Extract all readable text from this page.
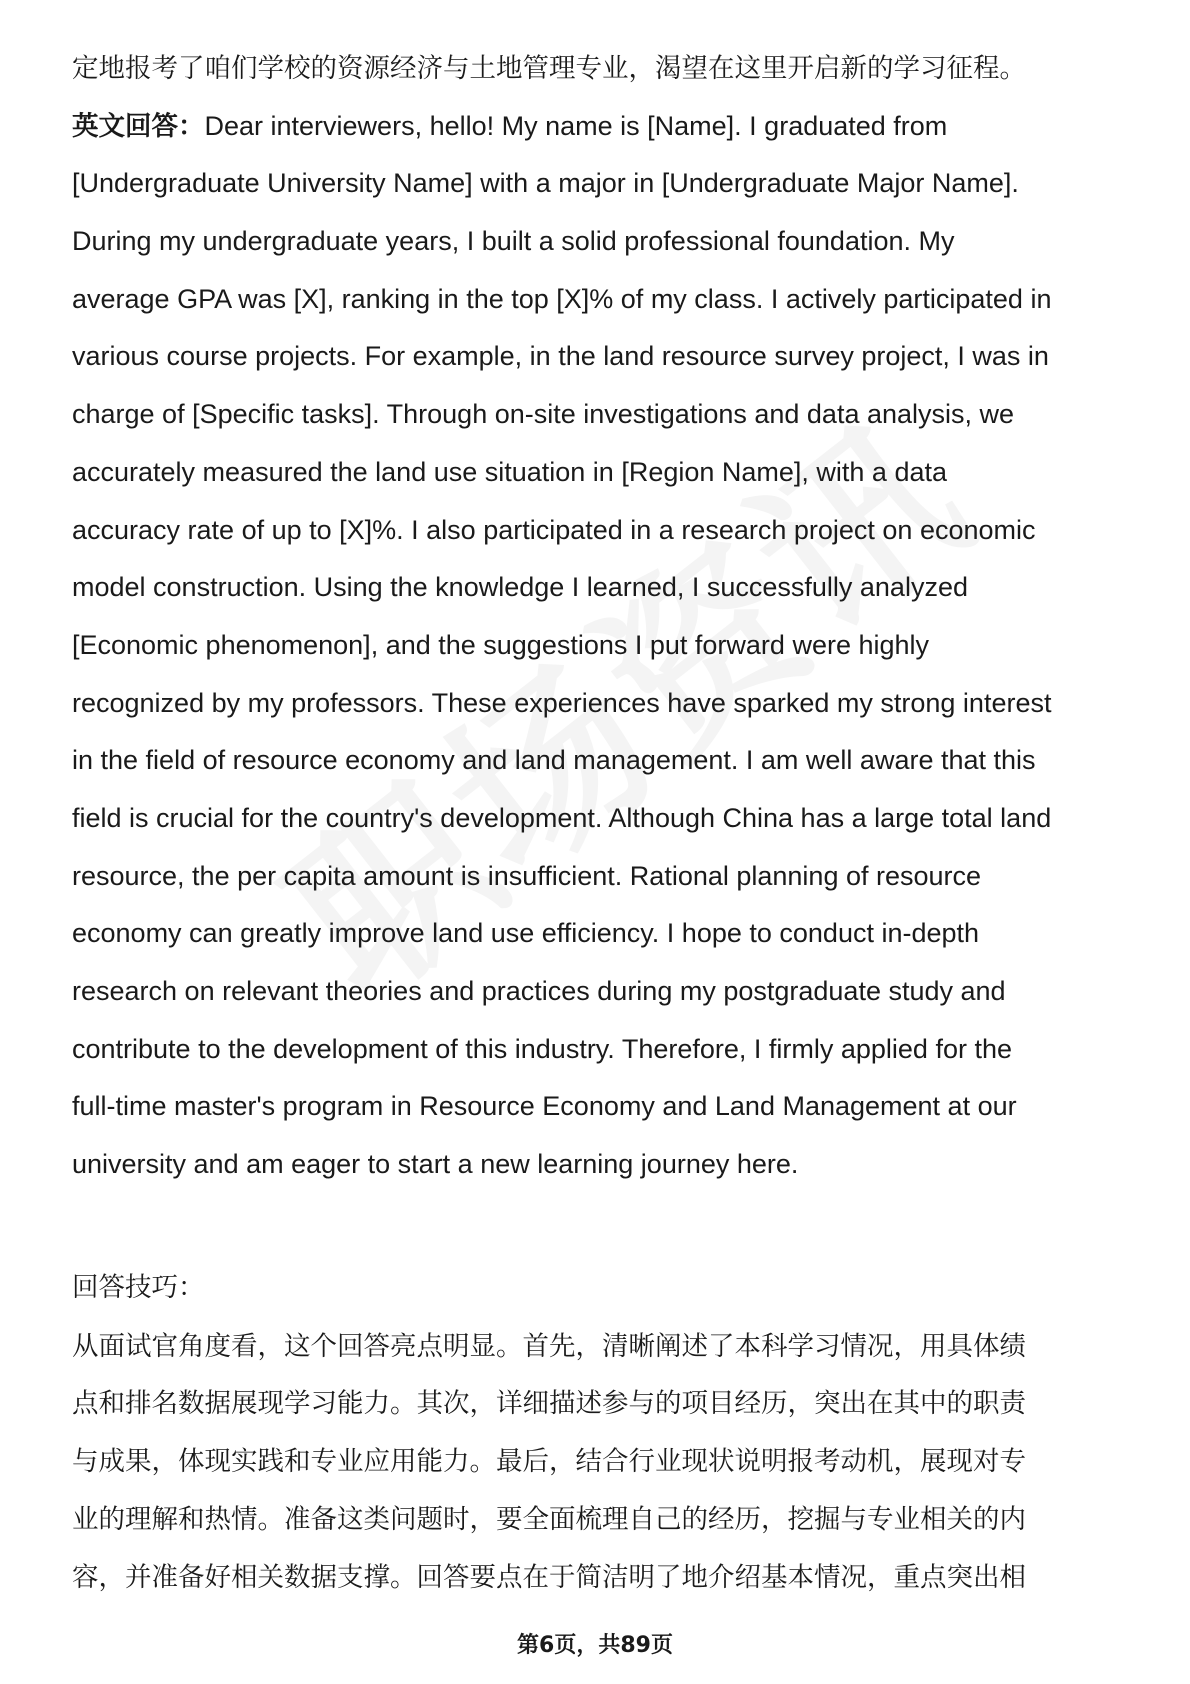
定地报考了咱们学校的资源经济与土地管理专业，渴望在这里开启新的学习征程。
英文回答：Dear interviewers, hello! My name is [Name]. I graduated from
[Undergraduate University Name] with a major in [Undergraduate Major Name].
During my undergraduate years, I built a solid professional foundation. My
average GPA was [X], ranking in the top [X]% of my class. I actively participated in
various course projects. For example, in the land resource survey project, I was in
charge of [Specific tasks]. Through on-site investigations and data analysis, we
accurately measured the land use situation in [Region Name], with a data
accuracy rate of up to [X]%. I also participated in a research project on economic
model construction. Using the knowledge I learned, I successfully analyzed
[Economic phenomenon], and the suggestions I put forward were highly
recognized by my professors. These experiences have sparked my strong interest
in the field of resource economy and land management. I am well aware that this
field is crucial for the country's development. Although China has a large total land
resource, the per capita amount is insufficient. Rational planning of resource
economy can greatly improve land use efficiency. I hope to conduct in-depth
research on relevant theories and practices during my postgraduate study and
contribute to the development of this industry. Therefore, I firmly applied for the
full-time master's program in Resource Economy and Land Management at our
university and am eager to start a new learning journey here.
回答技巧：
从面试官角度看，这个回答亮点明显。首先，清晰阐述了本科学习情况，用具体绩
点和排名数据展现学习能力。其次，详细描述参与的项目经历，突出在其中的职责
与成果，体现实践和专业应用能力。最后，结合行业现状说明报考动机，展现对专
业的理解和热情。准备这类问题时，要全面梳理自己的经历，挖掘与专业相关的内
容，并准备好相关数据支撑。回答要点在于简洁明了地介绍基本情况，重点突出相
第6页，共89页
